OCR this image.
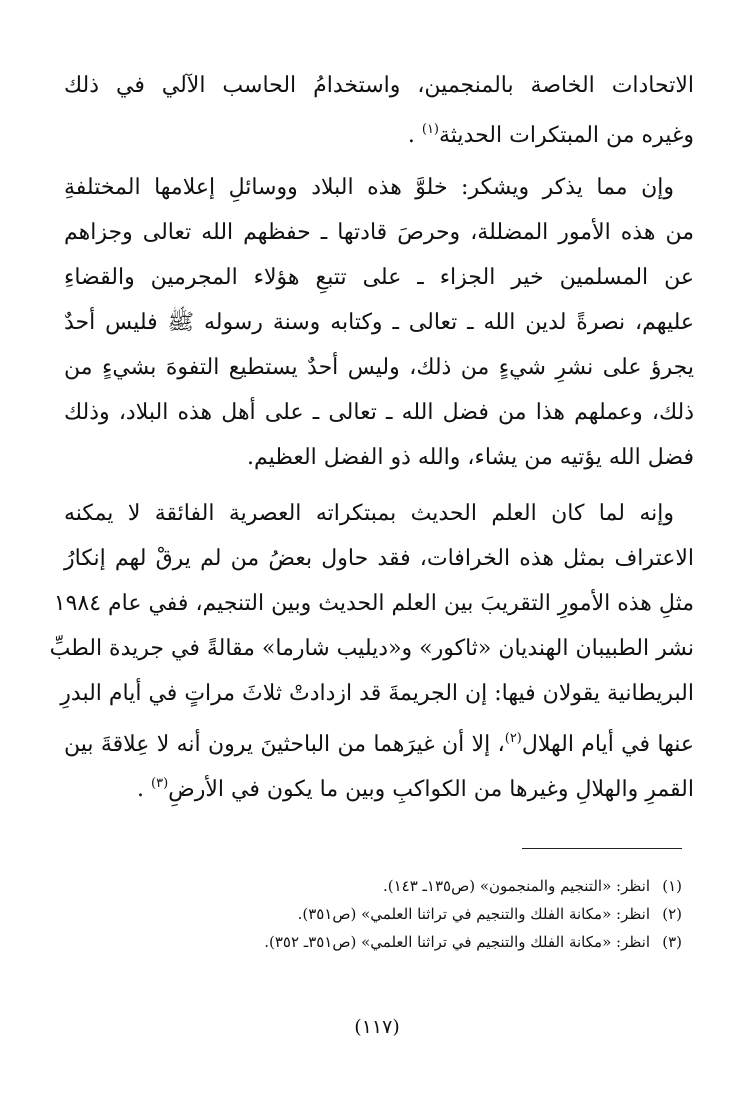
الاتحادات الخاصة بالمنجمين، واستخدامُ الحاسب الآلي في ذلك
وغيره من المبتكرات الحديثة$^{(١)}$ .
وإن مما يذكر ويشكر: خلوَّ هذه البلاد ووسائلِ إعلامها المختلفةِ
من هذه الأمور المضللة، وحرصَ قادتها ـ حفظهم الله تعالى وجزاهم
عن المسلمين خير الجزاء ـ على تتبعِ هؤلاء المجرمين والقضاءِ
عليهم، نصرةً لدين الله ـ تعالى ـ وكتابه وسنة رسوله ﷺ فليس أحدٌ
يجرؤ على نشرِ شيءٍ من ذلك، وليس أحدٌ يستطيع التفوهَ بشيءٍ من
ذلك، وعملهم هذا من فضل الله ـ تعالى ـ على أهل هذه البلاد، وذلك
فضل الله يؤتيه من يشاء، والله ذو الفضل العظيم.
وإنه لما كان العلم الحديث بمبتكراته العصرية الفائقة لا يمكنه
الاعتراف بمثل هذه الخرافات، فقد حاول بعضُ من لم يرقْ لهم إنكارُ
مثلِ هذه الأمورِ التقريبَ بين العلم الحديث وبين التنجيم، ففي عام ١٩٨٤
نشر الطبيبان الهنديان «ثاكور» و«ديليب شارما» مقالةً في جريدة الطبِّ
البريطانية يقولان فيها: إن الجريمةَ قد ازدادتْ ثلاثَ مراتٍ في أيام البدرِ
عنها في أيام الهلال$^{(٢)}$، إلا أن غيرَهما من الباحثينَ يرون أنه لا عِلاقةَ بين
القمرِ والهلالِ وغيرها من الكواكبِ وبين ما يكون في الأرضِ$^{(٣)}$ .
(١)انظر: «التنجيم والمنجمون» (ص١٣٥ـ ١٤٣).
(٢)انظر: «مكانة الفلك والتنجيم في تراثنا العلمي» (ص٣٥١).
(٣)انظر: «مكانة الفلك والتنجيم في تراثنا العلمي» (ص٣٥١ـ ٣٥٢).
(١١٧)
